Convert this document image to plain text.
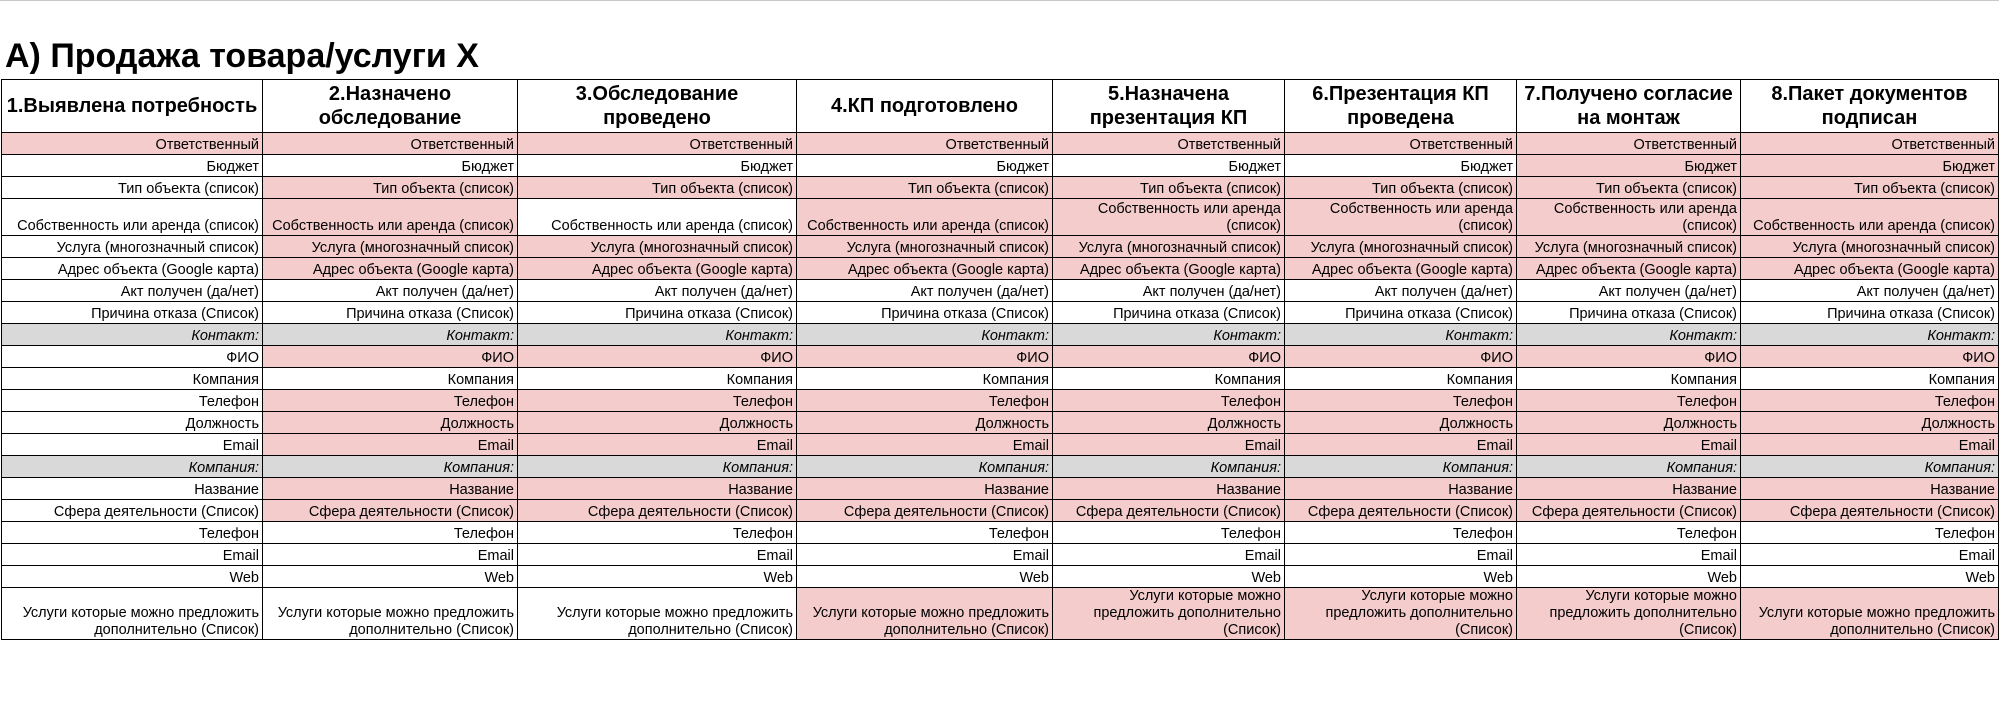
A) Продажа товара/услуги X
1.Выявлена потребность	2.Назначено обследование	3.Обследование проведено	4.КП подготовлено	5.Назначена презентация КП	6.Презентация КП проведена	7.Получено согласие на монтаж	8.Пакет документов подписан
Ответственный	Ответственный	Ответственный	Ответственный	Ответственный	Ответственный	Ответственный	Ответственный
Бюджет	Бюджет	Бюджет	Бюджет	Бюджет	Бюджет	Бюджет	Бюджет
Тип объекта (список)	Тип объекта (список)	Тип объекта (список)	Тип объекта (список)	Тип объекта (список)	Тип объекта (список)	Тип объекта (список)	Тип объекта (список)
Собственность или аренда (список)	Собственность или аренда (список)	Собственность или аренда (список)	Собственность или аренда (список)	Собственность или аренда (список)	Собственность или аренда (список)	Собственность или аренда (список)	Собственность или аренда (список)
Услуга (многозначный список)	Услуга (многозначный список)	Услуга (многозначный список)	Услуга (многозначный список)	Услуга (многозначный список)	Услуга (многозначный список)	Услуга (многозначный список)	Услуга (многозначный список)
Адрес объекта (Google карта)	Адрес объекта (Google карта)	Адрес объекта (Google карта)	Адрес объекта (Google карта)	Адрес объекта (Google карта)	Адрес объекта (Google карта)	Адрес объекта (Google карта)	Адрес объекта (Google карта)
Акт получен (да/нет)	Акт получен (да/нет)	Акт получен (да/нет)	Акт получен (да/нет)	Акт получен (да/нет)	Акт получен (да/нет)	Акт получен (да/нет)	Акт получен (да/нет)
Причина отказа (Список)	Причина отказа (Список)	Причина отказа (Список)	Причина отказа (Список)	Причина отказа (Список)	Причина отказа (Список)	Причина отказа (Список)	Причина отказа (Список)
Контакт:	Контакт:	Контакт:	Контакт:	Контакт:	Контакт:	Контакт:	Контакт:
ФИО	ФИО	ФИО	ФИО	ФИО	ФИО	ФИО	ФИО
Компания	Компания	Компания	Компания	Компания	Компания	Компания	Компания
Телефон	Телефон	Телефон	Телефон	Телефон	Телефон	Телефон	Телефон
Должность	Должность	Должность	Должность	Должность	Должность	Должность	Должность
Email	Email	Email	Email	Email	Email	Email	Email
Компания:	Компания:	Компания:	Компания:	Компания:	Компания:	Компания:	Компания:
Название	Название	Название	Название	Название	Название	Название	Название
Сфера деятельности (Список)	Сфера деятельности (Список)	Сфера деятельности (Список)	Сфера деятельности (Список)	Сфера деятельности (Список)	Сфера деятельности (Список)	Сфера деятельности (Список)	Сфера деятельности (Список)
Телефон	Телефон	Телефон	Телефон	Телефон	Телефон	Телефон	Телефон
Email	Email	Email	Email	Email	Email	Email	Email
Web	Web	Web	Web	Web	Web	Web	Web
Услуги которые можно предложить дополнительно (Список)	Услуги которые можно предложить дополнительно (Список)	Услуги которые можно предложить дополнительно (Список)	Услуги которые можно предложить дополнительно (Список)	Услуги которые можно предложить дополнительно (Список)	Услуги которые можно предложить дополнительно (Список)	Услуги которые можно предложить дополнительно (Список)	Услуги которые можно предложить дополнительно (Список)
